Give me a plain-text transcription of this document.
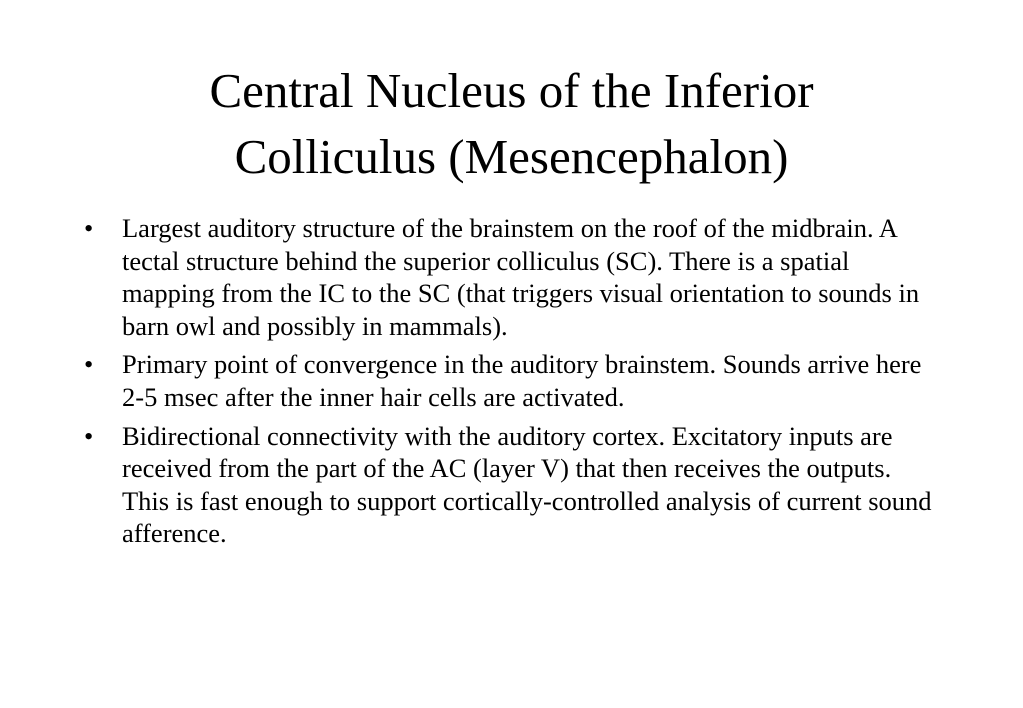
Central Nucleus of the Inferior
Colliculus (Mesencephalon)
•	Largest auditory structure of the brainstem on the roof of the midbrain. A tectal structure behind the superior colliculus (SC). There is a spatial mapping from the IC to the SC (that triggers visual orientation to sounds in barn owl and possibly in mammals).
•	Primary point of convergence in the auditory brainstem. Sounds arrive here 2-5 msec after the inner hair cells are activated.
•	Bidirectional connectivity with the auditory cortex. Excitatory inputs are received from the part of the AC (layer V) that then receives the outputs. This is fast enough to support cortically-controlled analysis of current sound afference.
